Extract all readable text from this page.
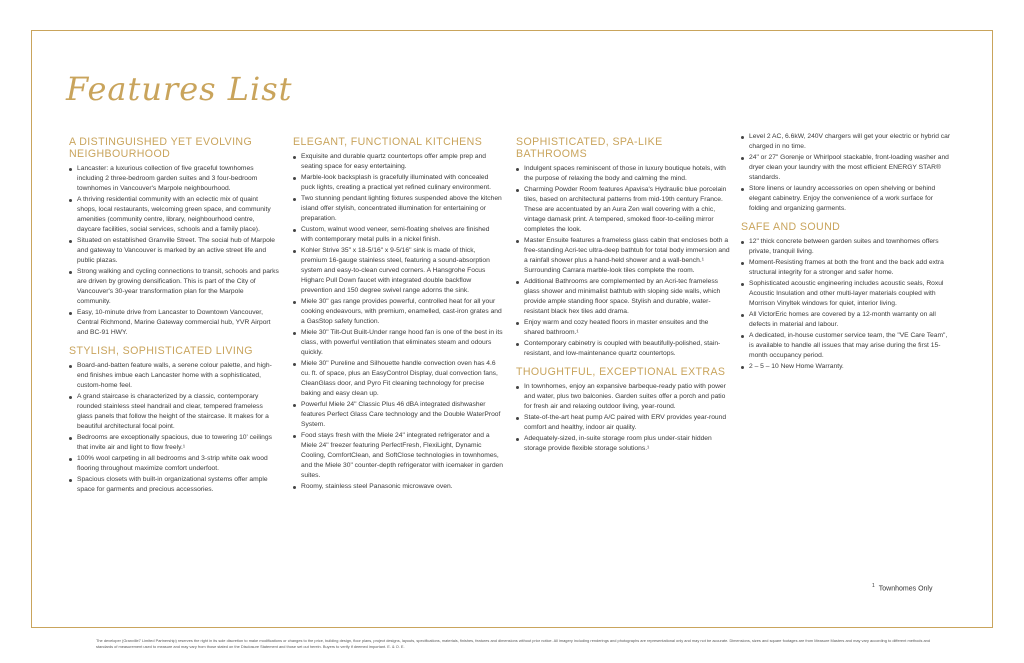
Features List
A DISTINGUISHED YET EVOLVING NEIGHBOURHOOD
Lancaster: a luxurious collection of five graceful townhomes including 2 three-bedroom garden suites and 3 four-bedroom townhomes in Vancouver's Marpole neighbourhood.
A thriving residential community with an eclectic mix of quaint shops, local restaurants, welcoming green space, and community amenities (community centre, library, neighbourhood centre, daycare facilities, social services, schools and a family place).
Situated on established Granville Street. The social hub of Marpole and gateway to Vancouver is marked by an active street life and public plazas.
Strong walking and cycling connections to transit, schools and parks are driven by growing densification. This is part of the City of Vancouver's 30-year transformation plan for the Marpole community.
Easy, 10-minute drive from Lancaster to Downtown Vancouver, Central Richmond, Marine Gateway commercial hub, YVR Airport and BC-91 HWY.
STYLISH, SOPHISTICATED LIVING
Board-and-batten feature walls, a serene colour palette, and high-end finishes imbue each Lancaster home with a sophisticated, custom-home feel.
A grand staircase is characterized by a classic, contemporary rounded stainless steel handrail and clear, tempered frameless glass panels that follow the height of the staircase. It makes for a beautiful architectural focal point.
Bedrooms are exceptionally spacious, due to towering 10' ceilings that invite air and light to flow freely.¹
100% wool carpeting in all bedrooms and 3-strip white oak wood flooring throughout maximize comfort underfoot.
Spacious closets with built-in organizational systems offer ample space for garments and precious accessories.
ELEGANT, FUNCTIONAL KITCHENS
Exquisite and durable quartz countertops offer ample prep and seating space for easy entertaining.
Marble-look backsplash is gracefully illuminated with concealed puck lights, creating a practical yet refined culinary environment.
Two stunning pendant lighting fixtures suspended above the kitchen island offer stylish, concentrated illumination for entertaining or preparation.
Custom, walnut wood veneer, semi-floating shelves are finished with contemporary metal pulls in a nickel finish.
Kohler Strive 35" x 18-5/16" x 9-5/16" sink is made of thick, premium 16-gauge stainless steel, featuring a sound-absorption system and easy-to-clean curved corners. A Hansgrohe Focus Higharc Pull Down faucet with integrated double backflow prevention and 150 degree swivel range adorns the sink.
Miele 30" gas range provides powerful, controlled heat for all your cooking endeavours, with premium, enamelled, cast-iron grates and a GasStop safety function.
Miele 30" Tilt-Out Built-Under range hood fan is one of the best in its class, with powerful ventilation that eliminates steam and odours quickly.
Miele 30" Pureline and Silhouette handle convection oven has 4.6 cu. ft. of space, plus an EasyControl Display, dual convection fans, CleanGlass door, and Pyro Fit cleaning technology for precise baking and easy clean up.
Powerful Miele 24" Classic Plus 46 dBA integrated dishwasher features Perfect Glass Care technology and the Double WaterProof System.
Food stays fresh with the Miele 24" integrated refrigerator and a Miele 24" freezer featuring PerfectFresh, FlexiLight, Dynamic Cooling, ComfortClean, and SoftClose technologies in townhomes, and the Miele 30" counter-depth refrigerator with icemaker in garden suites.
Roomy, stainless steel Panasonic microwave oven.
SOPHISTICATED, SPA-LIKE BATHROOMS
Indulgent spaces reminiscent of those in luxury boutique hotels, with the purpose of relaxing the body and calming the mind.
Charming Powder Room features Apavisa's Hydraulic blue porcelain tiles, based on architectural patterns from mid-19th century France. These are accentuated by an Aura Zen wall covering with a chic, vintage damask print. A tempered, smoked floor-to-ceiling mirror completes the look.
Master Ensuite features a frameless glass cabin that encloses both a free-standing Acri-tec ultra-deep bathtub for total body immersion and a rainfall shower plus a hand-held shower and a wall-bench.¹ Surrounding Carrara marble-look tiles complete the room.
Additional Bathrooms are complemented by an Acri-tec frameless glass shower and minimalist bathtub with sloping side walls, which provide ample standing floor space. Stylish and durable, water-resistant black hex tiles add drama.
Enjoy warm and cozy heated floors in master ensuites and the shared bathroom.¹
Contemporary cabinetry is coupled with beautifully-polished, stain-resistant, and low-maintenance quartz countertops.
THOUGHTFUL, EXCEPTIONAL EXTRAS
In townhomes, enjoy an expansive barbeque-ready patio with power and water, plus two balconies. Garden suites offer a porch and patio for fresh air and relaxing outdoor living, year-round.
State-of-the-art heat pump A/C paired with ERV provides year-round comfort and healthy, indoor air quality.
Adequately-sized, in-suite storage room plus under-stair hidden storage provide flexible storage solutions.¹
Level 2 AC, 6.6kW, 240V chargers will get your electric or hybrid car charged in no time.
24" or 27" Gorenje or Whirlpool stackable, front-loading washer and dryer clean your laundry with the most efficient ENERGY STAR® standards.
Store linens or laundry accessories on open shelving or behind elegant cabinetry. Enjoy the convenience of a work surface for folding and organizing garments.
SAFE AND SOUND
12" thick concrete between garden suites and townhomes offers private, tranquil living.
Moment-Resisting frames at both the front and the back add extra structural integrity for a stronger and safer home.
Sophisticated acoustic engineering includes acoustic seals, Roxul Acoustic Insulation and other multi-layer materials coupled with Morrison Vinyltek windows for quiet, interior living.
All VictorEric homes are covered by a 12-month warranty on all defects in material and labour.
A dedicated, in-house customer service team, the "VE Care Team", is available to handle all issues that may arise during the first 15-month occupancy period.
2 – 5 – 10 New Home Warranty.
$^1$ Townhomes Only

The developer (Granville7 Limited Partnership) reserves the right in its sole discretion to make modifications or changes to the price, building design, floor plans, project designs, layouts, specifications, materials, finishes, features and dimensions without prior notice. All imagery including renderings and photographs are representational only and may not be accurate. Dimensions, sizes and square footages are from Measure Masters and may vary according to different methods and standards of measurement used to measure and may vary from those stated on the Disclosure Statement and those set out herein. Buyers to verify if deemed important. E. & O. E.
